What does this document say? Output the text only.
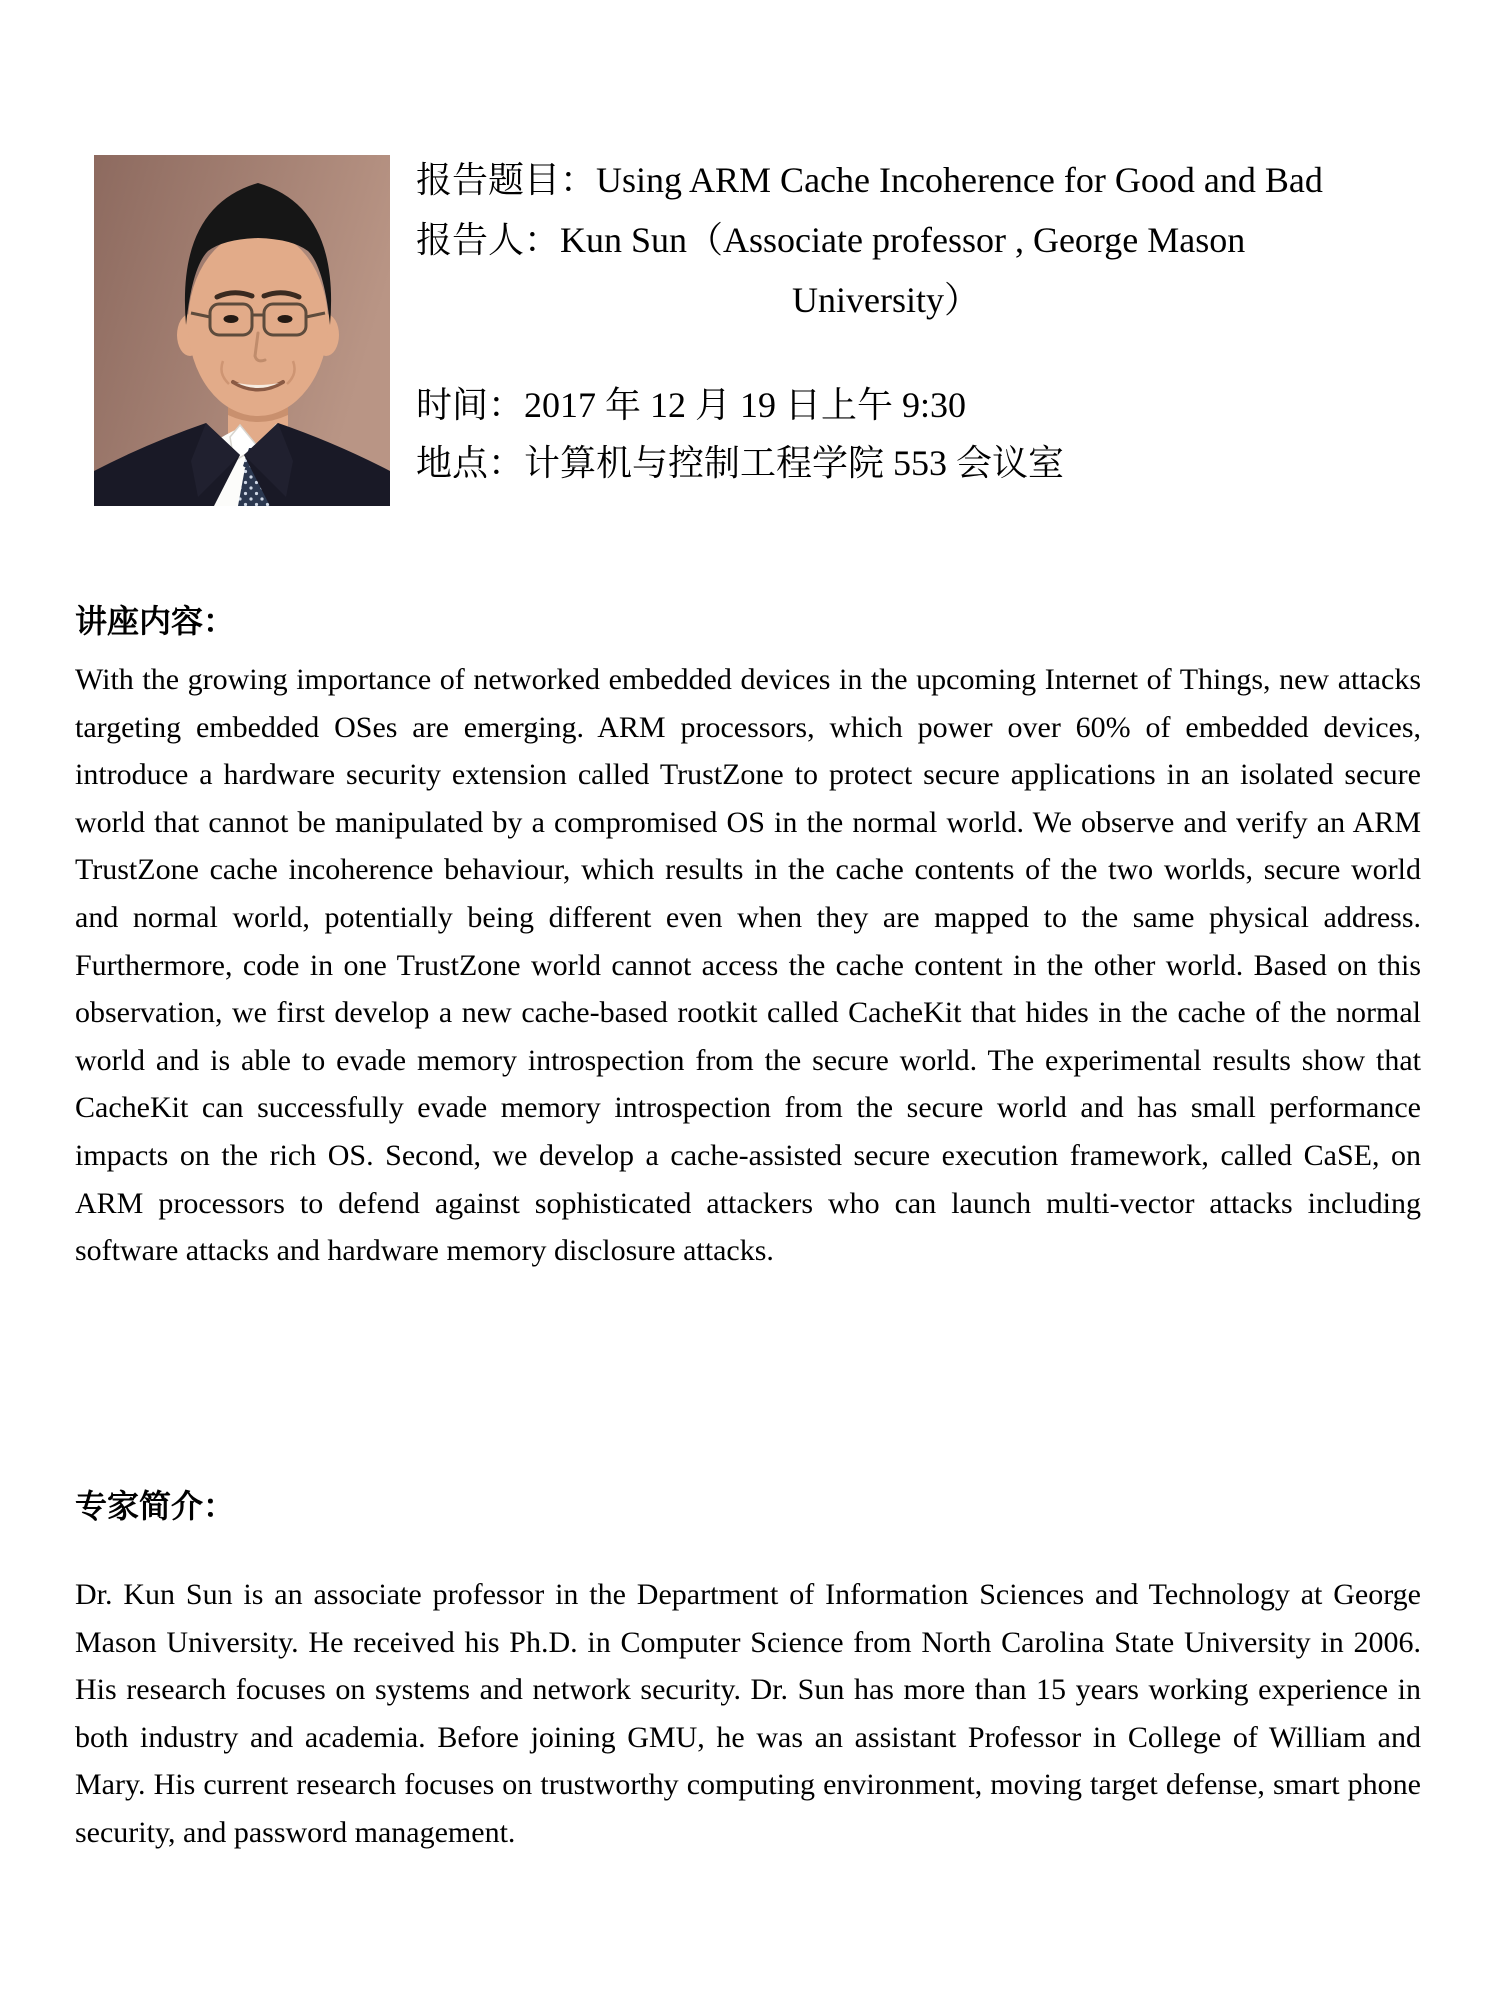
报告题目：Using ARM Cache Incoherence for Good and Bad
报告人：Kun Sun（Associate professor , George Mason
University）
时间：2017 年 12 月 19 日上午 9:30
地点：计算机与控制工程学院 553 会议室
讲座内容：
With the growing importance of networked embedded devices in the upcoming Internet of Things, new attacks targeting embedded OSes are emerging. ARM processors, which power over 60% of embedded devices, introduce a hardware security extension called TrustZone to protect secure applications in an isolated secure world that cannot be manipulated by a compromised OS in the normal world. We observe and verify an ARM TrustZone cache incoherence behaviour, which results in the cache contents of the two worlds, secure world and normal world, potentially being different even when they are mapped to the same physical address. Furthermore, code in one TrustZone world cannot access the cache content in the other world. Based on this observation, we first develop a new cache-based rootkit called CacheKit that hides in the cache of the normal world and is able to evade memory introspection from the secure world. The experimental results show that CacheKit can successfully evade memory introspection from the secure world and has small performance impacts on the rich OS. Second, we develop a cache-assisted secure execution framework, called CaSE, on ARM processors to defend against sophisticated attackers who can launch multi-vector attacks including software attacks and hardware memory disclosure attacks.
专家简介：
Dr. Kun Sun is an associate professor in the Department of Information Sciences and Technology at George Mason University. He received his Ph.D. in Computer Science from North Carolina State University in 2006. His research focuses on systems and network security. Dr. Sun has more than 15 years working experience in both industry and academia. Before joining GMU, he was an assistant Professor in College of William and Mary. His current research focuses on trustworthy computing environment, moving target defense, smart phone security, and password management.
